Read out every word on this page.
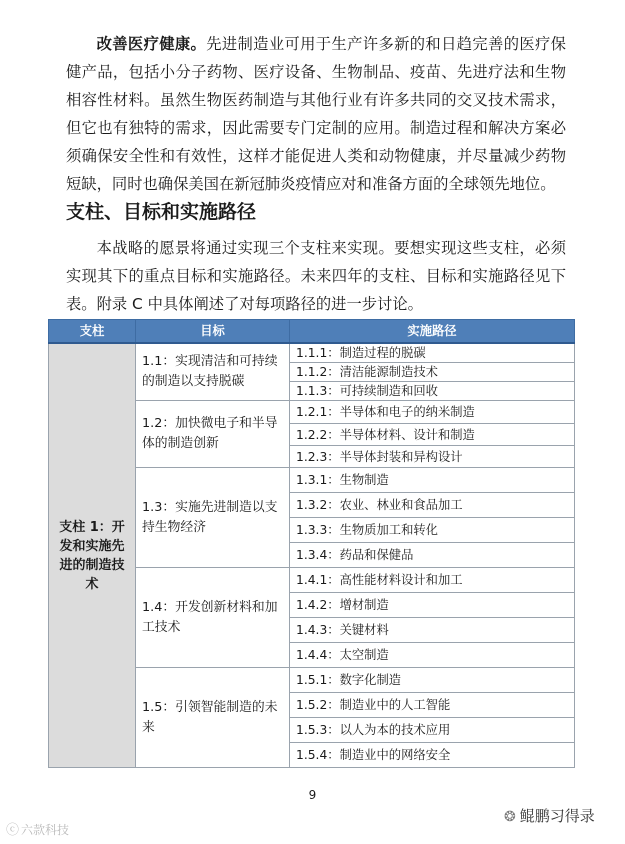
改善医疗健康。先进制造业可用于生产许多新的和日趋完善的医疗保健产品，包括小分子药物、医疗设备、生物制品、疫苗、先进疗法和生物相容性材料。虽然生物医药制造与其他行业有许多共同的交叉技术需求，但它也有独特的需求，因此需要专门定制的应用。制造过程和解决方案必须确保安全性和有效性，这样才能促进人类和动物健康，并尽量减少药物短缺，同时也确保美国在新冠肺炎疫情应对和准备方面的全球领先地位。

支柱、目标和实施路径

本战略的愿景将通过实现三个支柱来实现。要想实现这些支柱，必须实现其下的重点目标和实施路径。未来四年的支柱、目标和实施路径见下表。附录 C 中具体阐述了对每项路径的进一步讨论。

支柱	目标	实施路径
支柱 1：开发和实施先进的制造技术	1.1：实现清洁和可持续的制造以支持脱碳	1.1.1：制造过程的脱碳
		1.1.2：清洁能源制造技术
		1.1.3：可持续制造和回收
	1.2：加快微电子和半导体的制造创新	1.2.1：半导体和电子的纳米制造
		1.2.2：半导体材料、设计和制造
		1.2.3：半导体封装和异构设计
	1.3：实施先进制造以支持生物经济	1.3.1：生物制造
		1.3.2：农业、林业和食品加工
		1.3.3：生物质加工和转化
		1.3.4：药品和保健品
	1.4：开发创新材料和加工技术	1.4.1：高性能材料设计和加工
		1.4.2：增材制造
		1.4.3：关键材料
		1.4.4：太空制造
	1.5：引领智能制造的未来	1.5.1：数字化制造
		1.5.2：制造业中的人工智能
		1.5.3：以人为本的技术应用
		1.5.4：制造业中的网络安全
9
ⓒ 六款科技
❂ 鲲鹏习得录
